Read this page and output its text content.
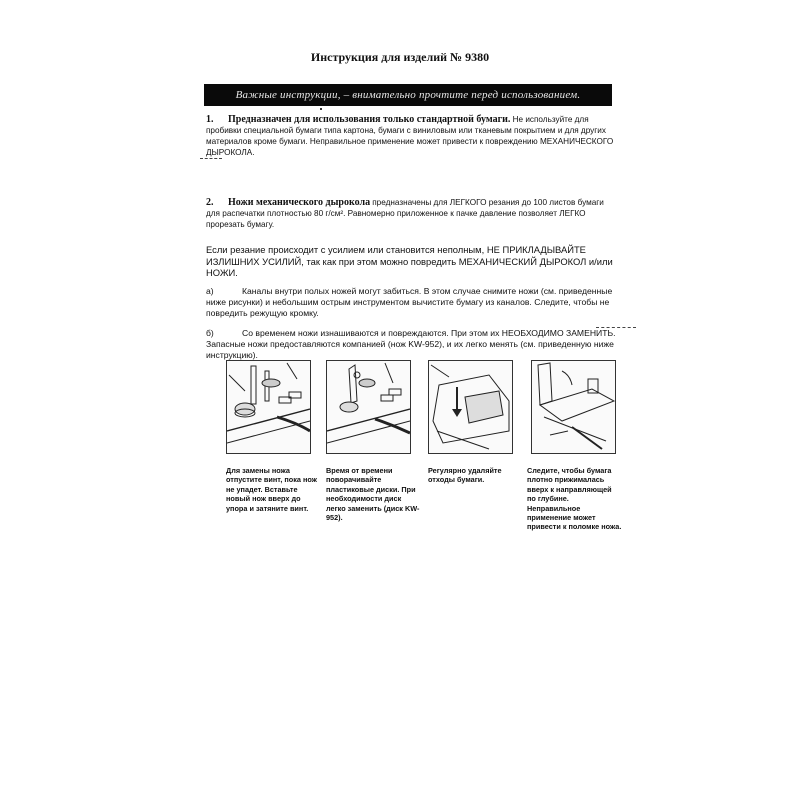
Инструкция для изделий № 9380
Важные инструкции, – внимательно прочтите перед использованием.
1. Предназначен для использования только стандартной бумаги. Не используйте для пробивки специальной бумаги типа картона, бумаги с виниловым или тканевым покрытием и для других материалов кроме бумаги. Неправильное применение может привести к повреждению МЕХАНИЧЕСКОГО ДЫРОКОЛА.
2. Ножи механического дырокола предназначены для ЛЕГКОГО резания до 100 листов бумаги для распечатки плотностью 80 г/см². Равномерно приложенное к пачке давление позволяет ЛЕГКО прорезать бумагу.
Если резание происходит с усилием или становится неполным, НЕ ПРИКЛАДЫВАЙТЕ ИЗЛИШНИХ УСИЛИЙ, так как при этом можно повредить МЕХАНИЧЕСКИЙ ДЫРОКОЛ и/или НОЖИ.
а)	Каналы внутри полых ножей могут забиться. В этом случае снимите ножи (см. приведенные ниже рисунки) и небольшим острым инструментом вычистите бумагу из каналов. Следите, чтобы не повредить режущую кромку.
б)	Со временем ножи изнашиваются и повреждаются. При этом их НЕОБХОДИМО ЗАМЕНИТЬ. Запасные ножи предоставляются компанией (нож KW-952), и их легко менять (см. приведенную ниже инструкцию).
Для замены ножа отпустите винт, пока нож не упадет. Вставьте новый нож вверх до упора и затяните винт.
Время от времени поворачивайте пластиковые диски. При необходимости диск легко заменить (диск KW-952).
Регулярно удаляйте отходы бумаги.
Следите, чтобы бумага плотно прижималась вверх к направляющей по глубине. Неправильное применение может привести к поломке ножа.
